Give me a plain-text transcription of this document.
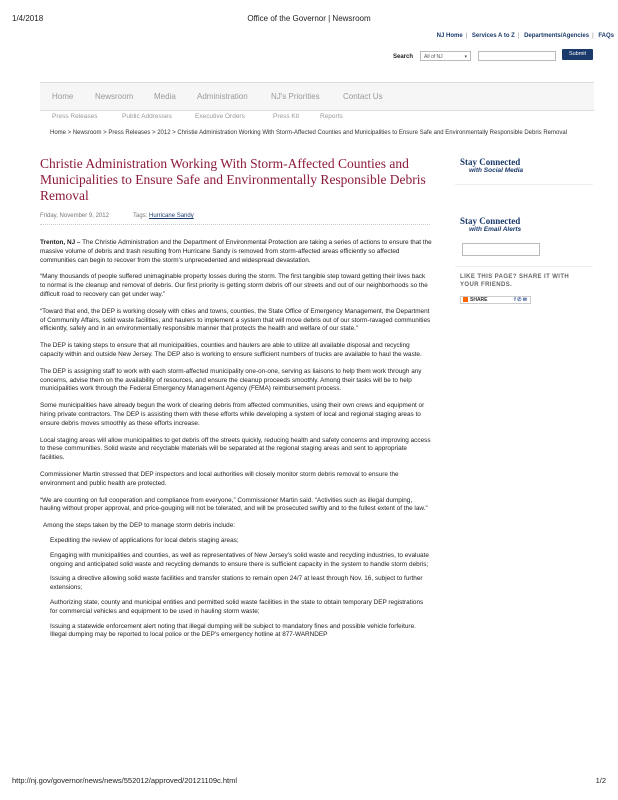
1/4/2018	Office of the Governor | Newsroom
NJ Home | Services A to Z | Departments/Agencies | FAQs
Search	All of NJ	▾	Submit
Home	Newsroom	Media	Administration	NJ's Priorities	Contact Us
Press Releases	Public Addresses	Executive Orders	Press Kit	Reports
Home > Newsroom > Press Releases > 2012 > Christie Administration Working With Storm-Affected Counties and Municipalities to Ensure Safe and Environmentally Responsible Debris Removal
Christie Administration Working With Storm-Affected Counties and Municipalities to Ensure Safe and Environmentally Responsible Debris Removal
Friday, November 9, 2012	Tags: Hurricane Sandy

Trenton, NJ – The Christie Administration and the Department of Environmental Protection are taking a series of actions to ensure that the massive volume of debris and trash resulting from Hurricane Sandy is removed from storm-affected areas efficiently so affected communities can begin to recover from the storm’s unprecedented and widespread devastation.

“Many thousands of people suffered unimaginable property losses during the storm. The first tangible step toward getting their lives back to normal is the cleanup and removal of debris. Our first priority is getting storm debris off our streets and out of our neighborhoods so the difficult road to recovery can get under way.”

“Toward that end, the DEP is working closely with cities and towns, counties, the State Office of Emergency Management, the Department of Community Affairs, solid waste facilities, and haulers to implement a system that will move debris out of our storm-ravaged communities efficiently, safely and in an environmentally responsible manner that protects the health and welfare of our state.”

The DEP is taking steps to ensure that all municipalities, counties and haulers are able to utilize all available disposal and recycling capacity within and outside New Jersey. The DEP also is working to ensure sufficient numbers of trucks are available to haul the waste.

The DEP is assigning staff to work with each storm-affected municipality one-on-one, serving as liaisons to help them work through any concerns, advise them on the availability of resources, and ensure the cleanup proceeds smoothly. Among their tasks will be to help municipalities work through the Federal Emergency Management Agency (FEMA) reimbursement process.

Some municipalities have already begun the work of clearing debris from affected communities, using their own crews and equipment or hiring private contractors. The DEP is assisting them with these efforts while developing a system of local and regional staging areas to ensure debris moves smoothly as these efforts increase.

Local staging areas will allow municipalities to get debris off the streets quickly, reducing health and safety concerns and improving access to these communities. Solid waste and recyclable materials will be separated at the regional staging areas and sent to appropriate facilities.

Commissioner Martin stressed that DEP inspectors and local authorities will closely monitor storm debris removal to ensure the environment and public health are protected.

“We are counting on full cooperation and compliance from everyone,” Commissioner Martin said. “Activities such as illegal dumping, hauling without proper approval, and price-gouging will not be tolerated, and will be prosecuted swiftly and to the fullest extent of the law.”

Among the steps taken by the DEP to manage storm debris include:

Expediting the review of applications for local debris staging areas;
Engaging with municipalities and counties, as well as representatives of New Jersey’s solid waste and recycling industries, to evaluate ongoing and anticipated solid waste and recycling demands to ensure there is sufficient capacity in the system to handle storm debris;
Issuing a directive allowing solid waste facilities and transfer stations to remain open 24/7 at least through Nov. 16, subject to further extensions;
Authorizing state, county and municipal entities and permitted solid waste facilities in the state to obtain temporary DEP registrations for commercial vehicles and equipment to be used in hauling storm waste;
Issuing a statewide enforcement alert noting that illegal dumping will be subject to mandatory fines and possible vehicle forfeiture. Illegal dumping may be reported to local police or the DEP’s emergency hotline at 877-WARNDEP
Stay Connected
with Social Media
Stay Connected
with Email Alerts
LIKE THIS PAGE? SHARE IT WITH YOUR FRIENDS.
SHARE	f ✆ ✉
http://nj.gov/governor/news/news/552012/approved/20121109c.html	1/2
